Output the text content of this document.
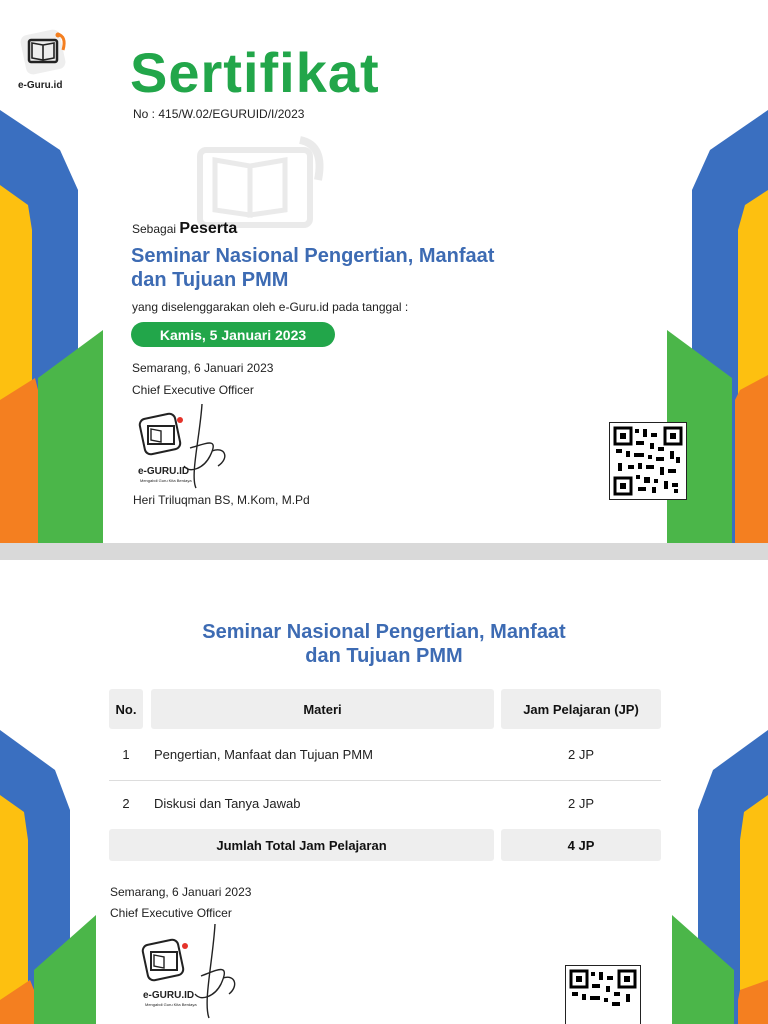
e-Guru.id Sertifikat
No : 415/W.02/EGURUID/I/2023
Sebagai Peserta
Seminar Nasional Pengertian, Manfaat
dan Tujuan PMM
yang diselenggarakan oleh e-Guru.id pada tanggal :
Kamis, 5 Januari 2023
Semarang, 6 Januari 2023
Chief Executive Officer
e-GURU.ID
Mengabdi Guru Kita Berdaya
Heri Triluqman BS, M.Kom, M.Pd
Seminar Nasional Pengertian, Manfaat
dan Tujuan PMM
No.	Materi	Jam Pelajaran (JP)
1	Pengertian, Manfaat dan Tujuan PMM	2 JP
2	Diskusi dan Tanya Jawab	2 JP
Jumlah Total Jam Pelajaran	4 JP
Semarang, 6 Januari 2023
Chief Executive Officer
e-GURU.ID
Mengabdi Guru Kita Berdaya
